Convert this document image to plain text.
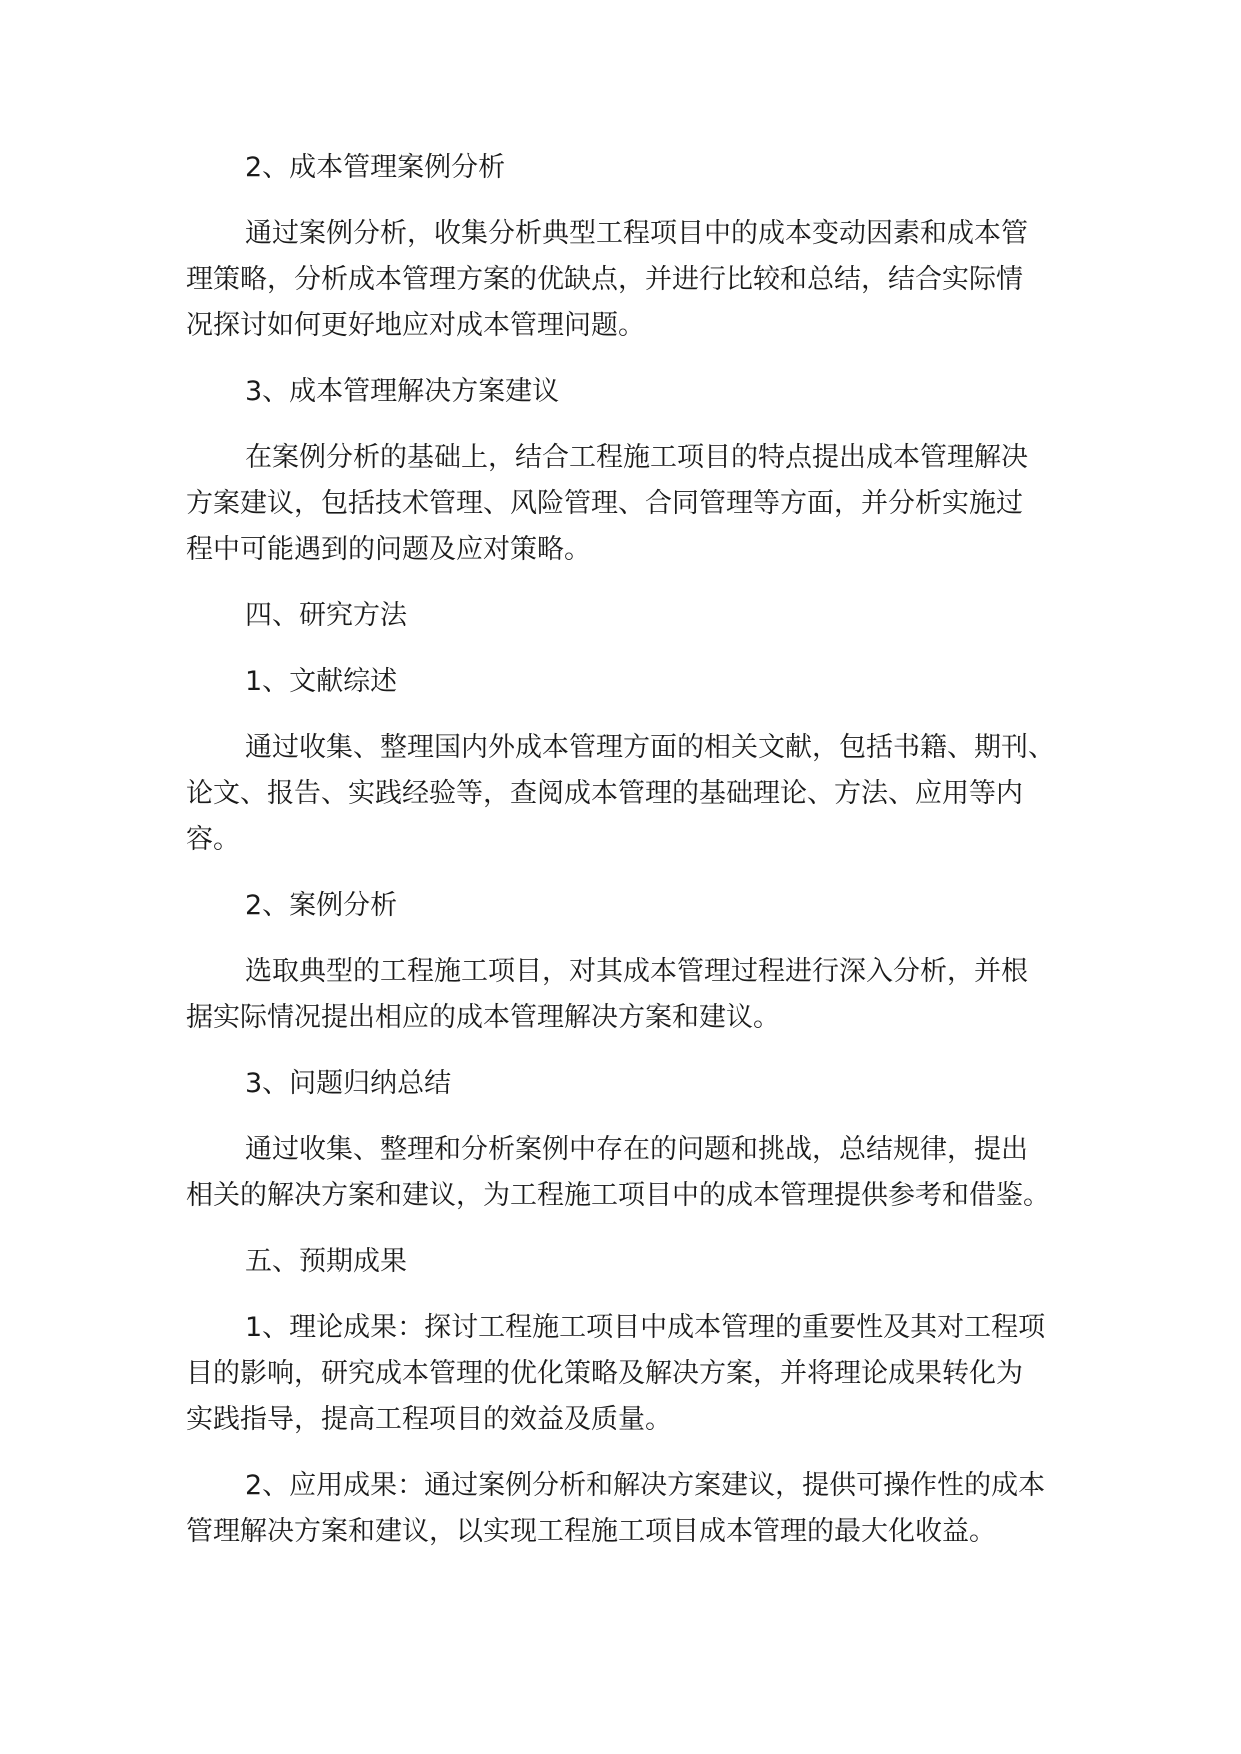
2、成本管理案例分析
通过案例分析，收集分析典型工程项目中的成本变动因素和成本管
理策略，分析成本管理方案的优缺点，并进行比较和总结，结合实际情
况探讨如何更好地应对成本管理问题。
3、成本管理解决方案建议
在案例分析的基础上，结合工程施工项目的特点提出成本管理解决
方案建议，包括技术管理、风险管理、合同管理等方面，并分析实施过
程中可能遇到的问题及应对策略。
四、研究方法
1、文献综述
通过收集、整理国内外成本管理方面的相关文献，包括书籍、期刊、
论文、报告、实践经验等，查阅成本管理的基础理论、方法、应用等内
容。
2、案例分析
选取典型的工程施工项目，对其成本管理过程进行深入分析，并根
据实际情况提出相应的成本管理解决方案和建议。
3、问题归纳总结
通过收集、整理和分析案例中存在的问题和挑战，总结规律，提出
相关的解决方案和建议，为工程施工项目中的成本管理提供参考和借鉴。
五、预期成果
1、理论成果：探讨工程施工项目中成本管理的重要性及其对工程项
目的影响，研究成本管理的优化策略及解决方案，并将理论成果转化为
实践指导，提高工程项目的效益及质量。
2、应用成果：通过案例分析和解决方案建议，提供可操作性的成本
管理解决方案和建议，以实现工程施工项目成本管理的最大化收益。
